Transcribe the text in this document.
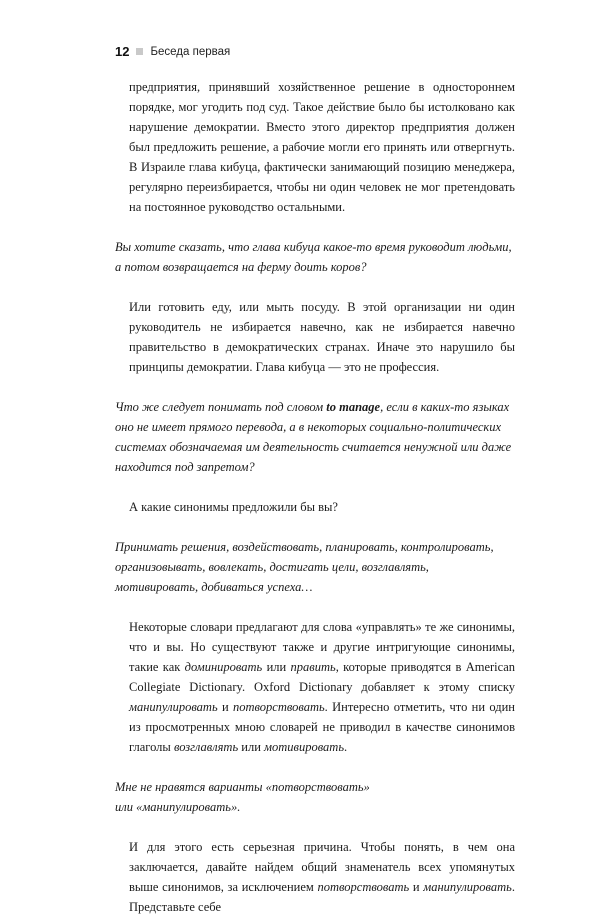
12 Беседа первая

предприятия, принявший хозяйственное решение в одностороннем порядке, мог угодить под суд. Такое действие было бы истолковано как нарушение демократии. Вместо этого директор предприятия должен был предложить решение, а рабочие могли его принять или отвергнуть. В Израиле глава кибуца, фактически занимающий позицию менеджера, регулярно переизбирается, чтобы ни один человек не мог претендовать на постоянное руководство остальными.

Вы хотите сказать, что глава кибуца какое-то время руководит людьми, а потом возвращается на ферму доить коров?

Или готовить еду, или мыть посуду. В этой организации ни один руководитель не избирается навечно, как не избирается навечно правительство в демократических странах. Иначе это нарушило бы принципы демократии. Глава кибуца — это не профессия.

Что же следует понимать под словом to manage, если в каких-то языках оно не имеет прямого перевода, а в некоторых социально-политических системах обозначаемая им деятельность считается ненужной или даже находится под запретом?

А какие синонимы предложили бы вы?

Принимать решения, воздействовать, планировать, контролировать, организовывать, вовлекать, достигать цели, возглавлять, мотивировать, добиваться успеха…

Некоторые словари предлагают для слова «управлять» те же синонимы, что и вы. Но существуют также и другие интригующие синонимы, такие как доминировать или править, которые приводятся в American Collegiate Dictionary. Oxford Dictionary добавляет к этому списку манипулировать и потворствовать. Интересно отметить, что ни один из просмотренных мною словарей не приводил в качестве синонимов глаголы возглавлять или мотивировать.

Мне не нравятся варианты «потворствовать»
или «манипулировать».

И для этого есть серьезная причина. Чтобы понять, в чем она заключается, давайте найдем общий знаменатель всех упомянутых выше синонимов, за исключением потворствовать и манипулировать. Представьте себе
